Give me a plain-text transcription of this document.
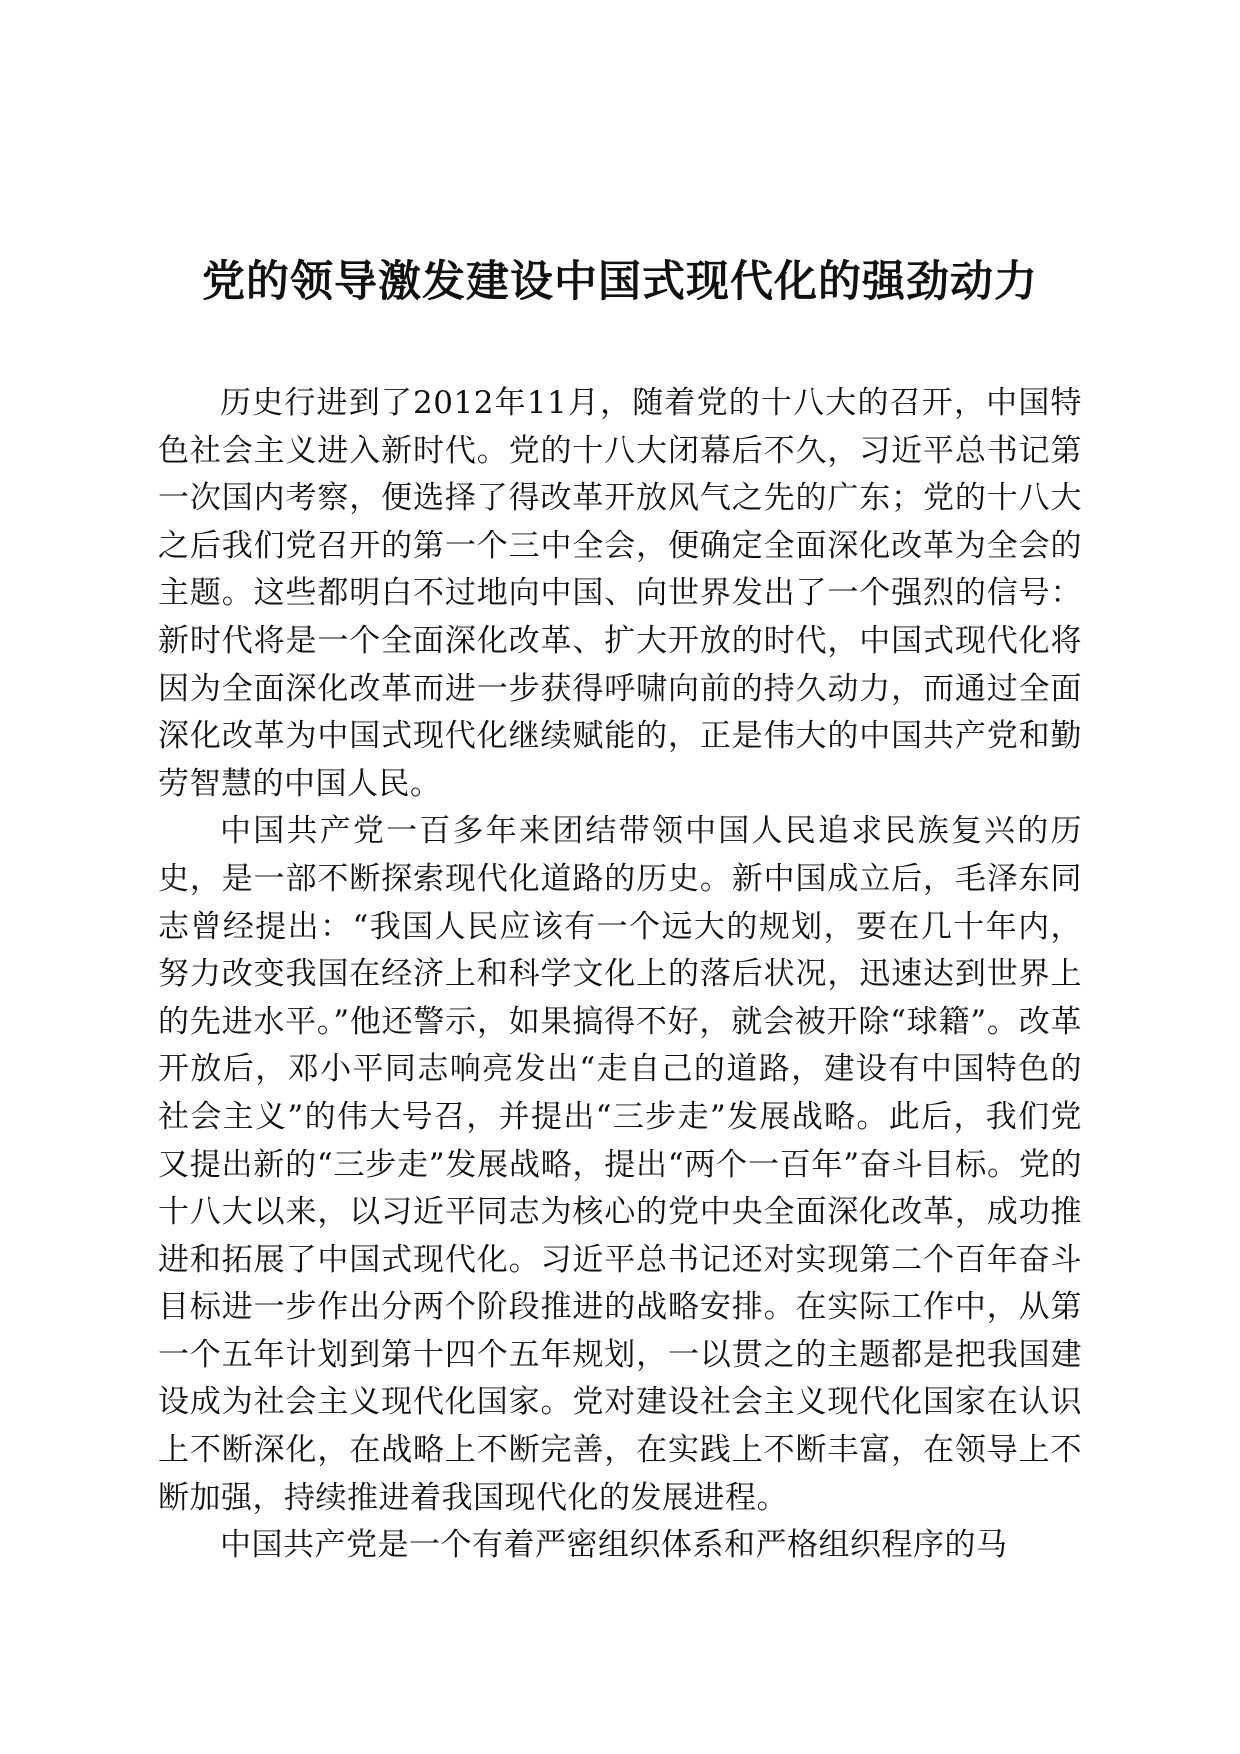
党的领导激发建设中国式现代化的强劲动力

历史行进到了2012年11月，随着党的十八大的召开，中国特色社会主义进入新时代。党的十八大闭幕后不久，习近平总书记第一次国内考察，便选择了得改革开放风气之先的广东；党的十八大之后我们党召开的第一个三中全会，便确定全面深化改革为全会的主题。这些都明白不过地向中国、向世界发出了一个强烈的信号：新时代将是一个全面深化改革、扩大开放的时代，中国式现代化将因为全面深化改革而进一步获得呼啸向前的持久动力，而通过全面深化改革为中国式现代化继续赋能的，正是伟大的中国共产党和勤劳智慧的中国人民。

中国共产党一百多年来团结带领中国人民追求民族复兴的历史，是一部不断探索现代化道路的历史。新中国成立后，毛泽东同志曾经提出：“我国人民应该有一个远大的规划，要在几十年内，努力改变我国在经济上和科学文化上的落后状况，迅速达到世界上的先进水平。”他还警示，如果搞得不好，就会被开除“球籍”。改革开放后，邓小平同志响亮发出“走自己的道路，建设有中国特色的社会主义”的伟大号召，并提出“三步走”发展战略。此后，我们党又提出新的“三步走”发展战略，提出“两个一百年”奋斗目标。党的十八大以来，以习近平同志为核心的党中央全面深化改革，成功推进和拓展了中国式现代化。习近平总书记还对实现第二个百年奋斗目标进一步作出分两个阶段推进的战略安排。在实际工作中，从第一个五年计划到第十四个五年规划，一以贯之的主题都是把我国建设成为社会主义现代化国家。党对建设社会主义现代化国家在认识上不断深化，在战略上不断完善，在实践上不断丰富，在领导上不断加强，持续推进着我国现代化的发展进程。

中国共产党是一个有着严密组织体系和严格组织程序的马
